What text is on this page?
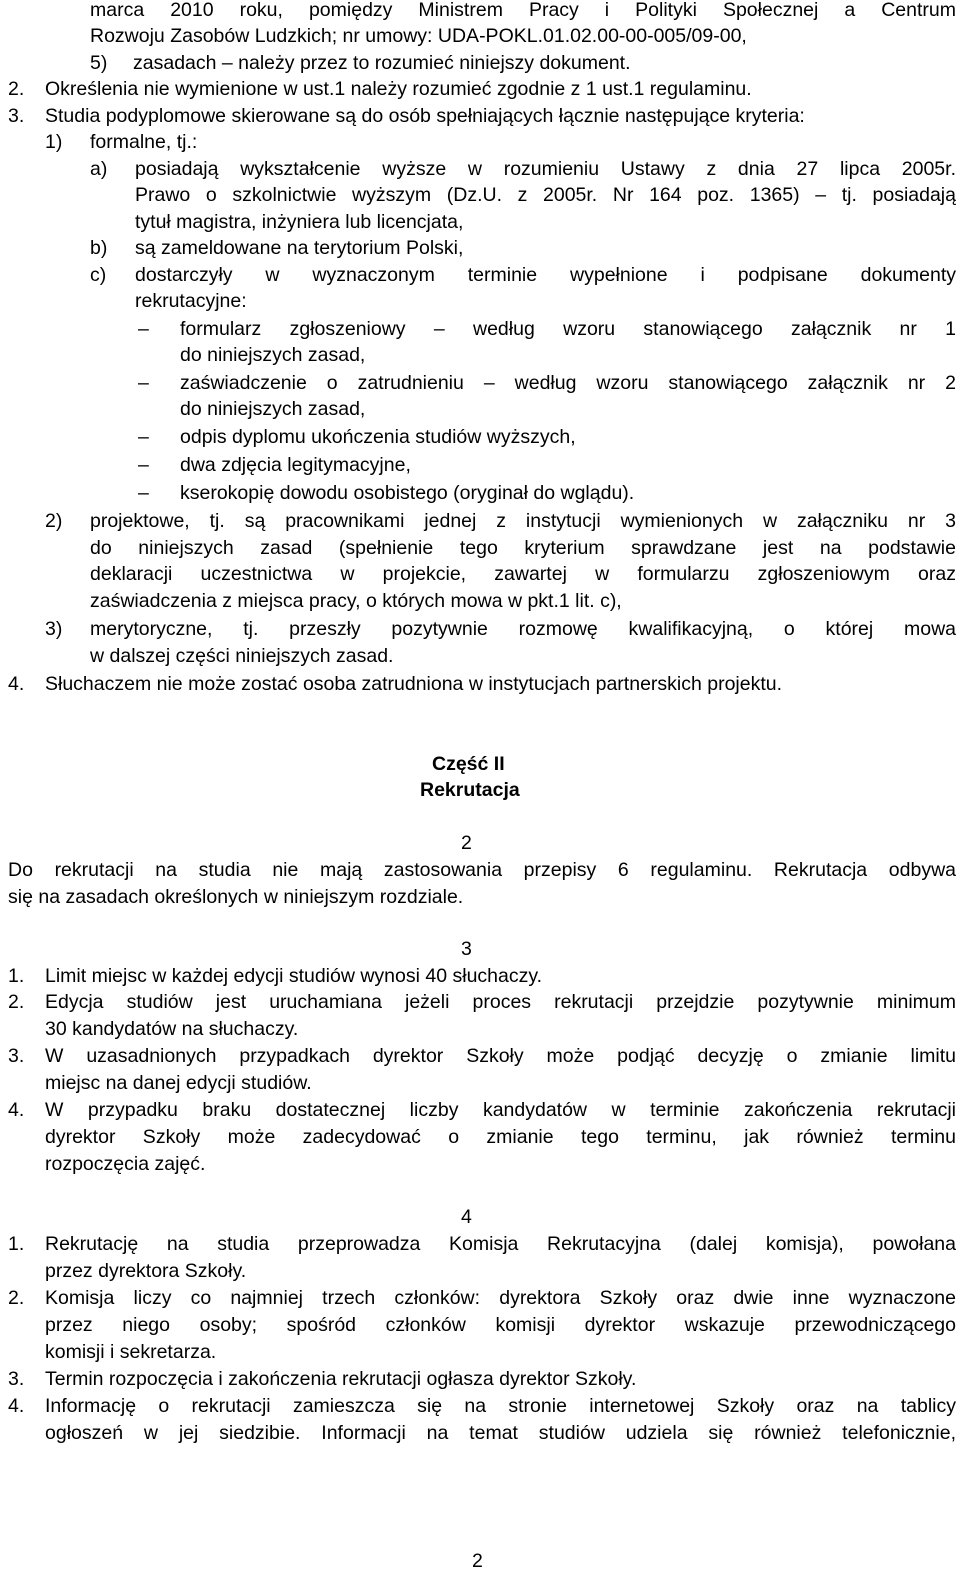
marca 2010 roku, pomiędzy Ministrem Pracy i Polityki Społecznej a Centrum
Rozwoju Zasobów Ludzkich; nr umowy: UDA-POKL.01.02.00-00-005/09-00,
5) zasadach – należy przez to rozumieć niniejszy dokument.
2. Określenia nie wymienione w ust.1 należy rozumieć zgodnie z 1 ust.1 regulaminu.
3. Studia podyplomowe skierowane są do osób spełniających łącznie następujące kryteria:
1) formalne, tj.:
a) posiadają wykształcenie wyższe w rozumieniu Ustawy z dnia 27 lipca 2005r.
Prawo o szkolnictwie wyższym (Dz.U. z 2005r. Nr 164 poz. 1365) – tj. posiadają
tytuł magistra, inżyniera lub licencjata,
b) są zameldowane na terytorium Polski,
c) dostarczyły w wyznaczonym terminie wypełnione i podpisane dokumenty
rekrutacyjne:
– formularz zgłoszeniowy – według wzoru stanowiącego załącznik nr 1
do niniejszych zasad,
– zaświadczenie o zatrudnieniu – według wzoru stanowiącego załącznik nr 2
do niniejszych zasad,
– odpis dyplomu ukończenia studiów wyższych,
– dwa zdjęcia legitymacyjne,
– kserokopię dowodu osobistego (oryginał do wglądu).
2) projektowe, tj. są pracownikami jednej z instytucji wymienionych w załączniku nr 3
do niniejszych zasad (spełnienie tego kryterium sprawdzane jest na podstawie
deklaracji uczestnictwa w projekcie, zawartej w formularzu zgłoszeniowym oraz
zaświadczenia z miejsca pracy, o których mowa w pkt.1 lit. c),
3) merytoryczne, tj. przeszły pozytywnie rozmowę kwalifikacyjną, o której mowa
w dalszej części niniejszych zasad.
4. Słuchaczem nie może zostać osoba zatrudniona w instytucjach partnerskich projektu.
Część II
Rekrutacja
2
Do rekrutacji na studia nie mają zastosowania przepisy 6 regulaminu. Rekrutacja odbywa
się na zasadach określonych w niniejszym rozdziale.
3
1. Limit miejsc w każdej edycji studiów wynosi 40 słuchaczy.
2. Edycja studiów jest uruchamiana jeżeli proces rekrutacji przejdzie pozytywnie minimum
30 kandydatów na słuchaczy.
3. W uzasadnionych przypadkach dyrektor Szkoły może podjąć decyzję o zmianie limitu
miejsc na danej edycji studiów.
4. W przypadku braku dostatecznej liczby kandydatów w terminie zakończenia rekrutacji
dyrektor Szkoły może zadecydować o zmianie tego terminu, jak również terminu
rozpoczęcia zajęć.
4
1. Rekrutację na studia przeprowadza Komisja Rekrutacyjna (dalej komisja), powołana
przez dyrektora Szkoły.
2. Komisja liczy co najmniej trzech członków: dyrektora Szkoły oraz dwie inne wyznaczone
przez niego osoby; spośród członków komisji dyrektor wskazuje przewodniczącego
komisji i sekretarza.
3. Termin rozpoczęcia i zakończenia rekrutacji ogłasza dyrektor Szkoły.
4. Informację o rekrutacji zamieszcza się na stronie internetowej Szkoły oraz na tablicy
ogłoszeń w jej siedzibie. Informacji na temat studiów udziela się również telefonicznie,
2
